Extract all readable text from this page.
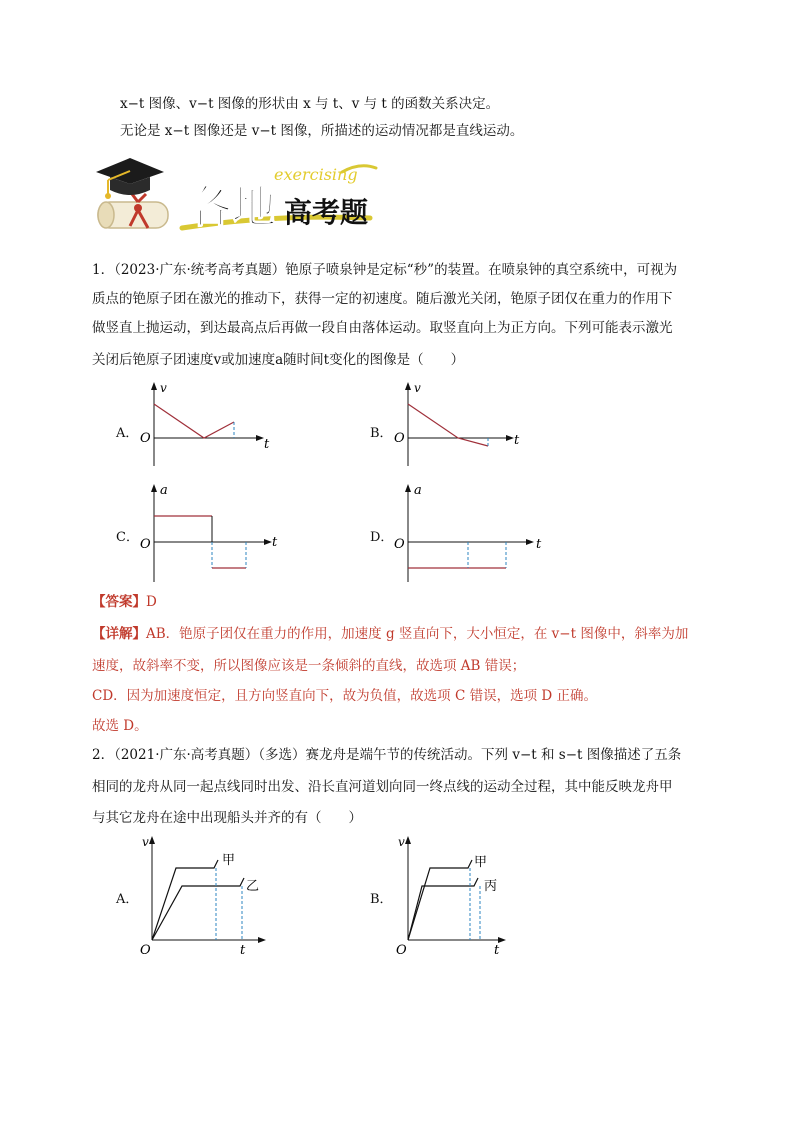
x−t 图像、v−t 图像的形状由 x 与 t、v 与 t 的函数关系决定。
无论是 x−t 图像还是 v−t 图像，所描述的运动情况都是直线运动。
exercising
各地 高考题
1．（2023·广东·统考高考真题）铯原子喷泉钟是定标“秒”的装置。在喷泉钟的真空系统中，可视为
质点的铯原子团在激光的推动下，获得一定的初速度。随后激光关闭，铯原子团仅在重力的作用下
做竖直上抛运动，到达最高点后再做一段自由落体运动。取竖直向上为正方向。下列可能表示激光
关闭后铯原子团速度v或加速度a随时间t变化的图像是（　　）
A．
v
O	t
B．
v
O	t
C．
a
O	t	D．
a
O	t
【答案】D
【详解】AB．铯原子团仅在重力的作用，加速度 g 竖直向下，大小恒定，在 v−t 图像中，斜率为加
速度，故斜率不变，所以图像应该是一条倾斜的直线，故选项 AB 错误；
CD．因为加速度恒定，且方向竖直向下，故为负值，故选项 C 错误，选项 D 正确。
故选 D。
2．（2021·广东·高考真题）（多选）赛龙舟是端午节的传统活动。下列 v−t 和 s−t 图像描述了五条
相同的龙舟从同一起点线同时出发、沿长直河道划向同一终点线的运动全过程，其中能反映龙舟甲
与其它龙舟在途中出现船头并齐的有（　　）
A．
v
O	t
甲
乙
B．
v
O	t
甲
丙
